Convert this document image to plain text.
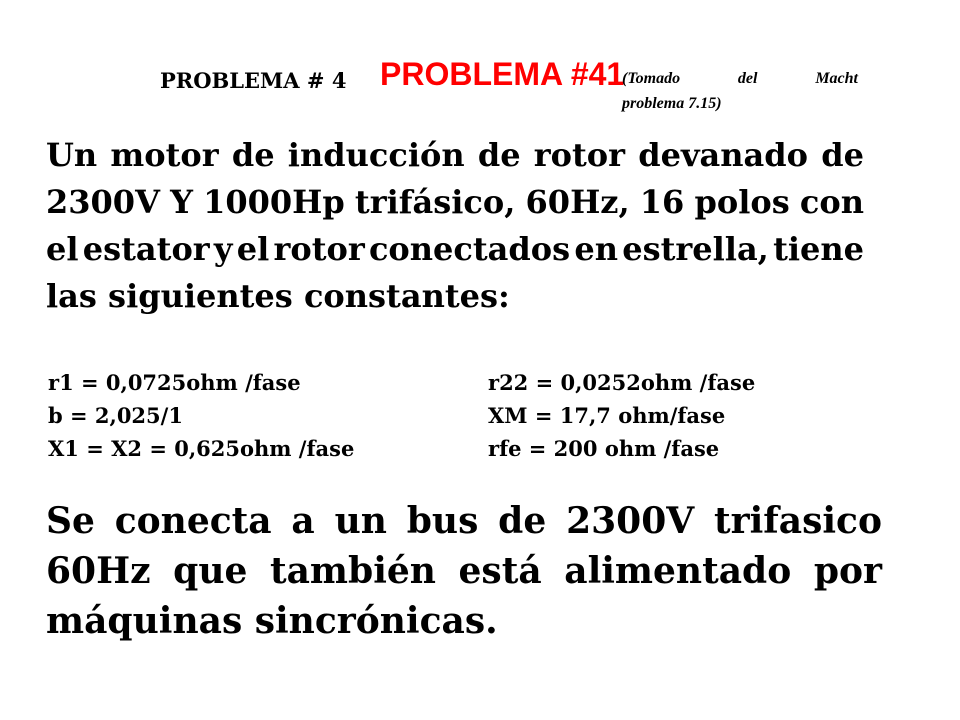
PROBLEMA # 4 PROBLEMA #41
(Tomado	del	Macht
problema 7.15)
Un motor de inducción de rotor devanado de
2300V Y 1000Hp trifásico, 60Hz, 16 polos con
el estator y el rotor conectados en estrella, tiene
las siguientes constantes:
r1 = 0,0725ohm /fase
b = 2,025/1
X1 = X2 = 0,625ohm /fase
r22 = 0,0252ohm /fase
XM = 17,7 ohm/fase
rfe = 200 ohm /fase
Se conecta a un bus de 2300V trifasico
60Hz que también está alimentado por
máquinas sincrónicas.
